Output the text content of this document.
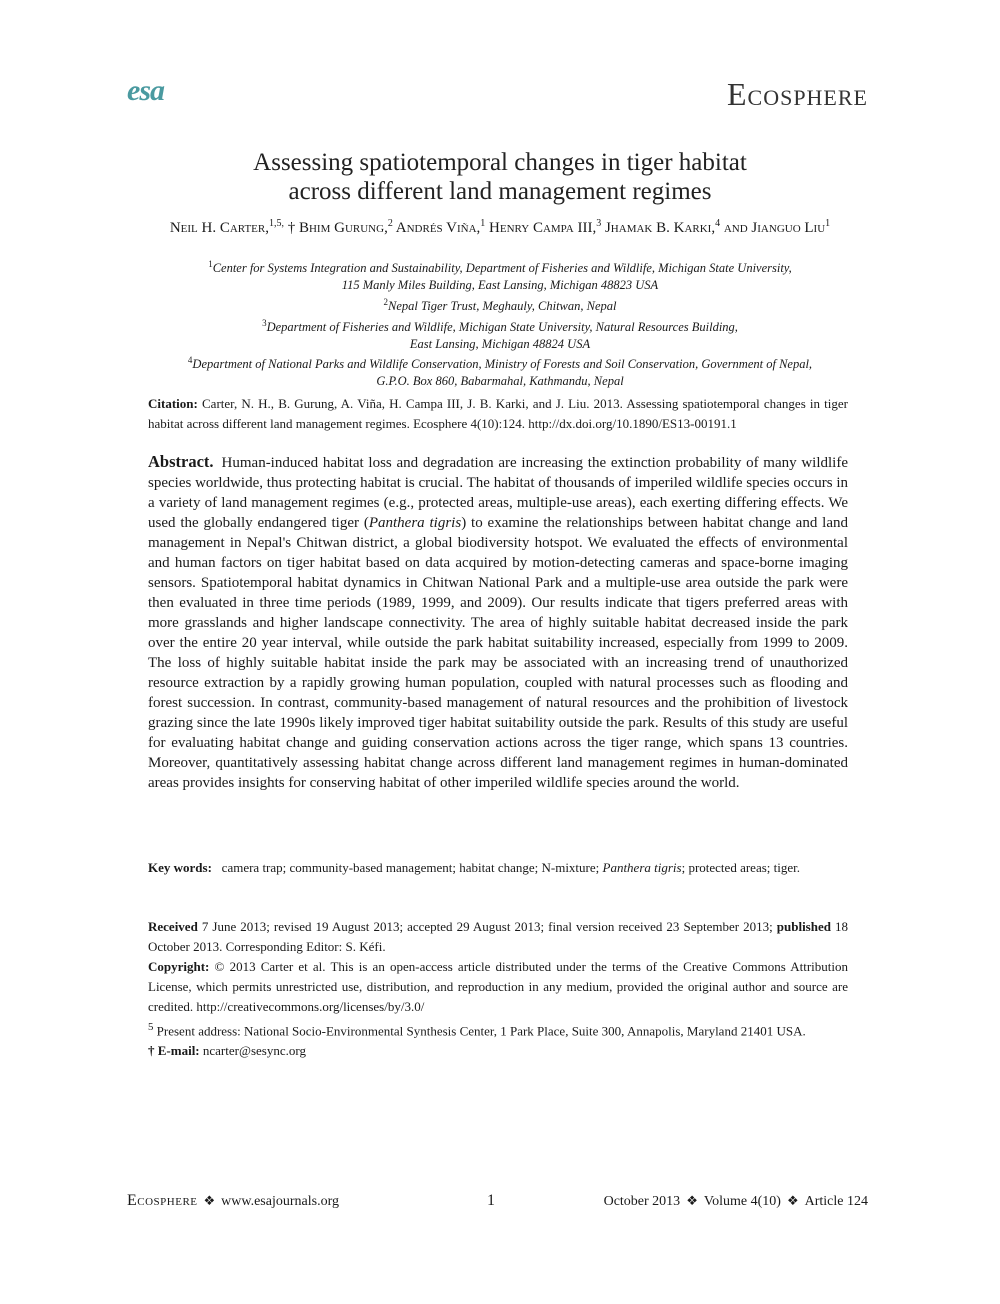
esa	Ecosphere
Assessing spatiotemporal changes in tiger habitat
across different land management regimes
Neil H. Carter,$^{1,5,}$ † Bhim Gurung,$^2$ Andrés Viña,$^1$ Henry Campa III,$^3$ Jhamak B. Karki,$^4$ and Jianguo Liu$^1$
$^1$Center for Systems Integration and Sustainability, Department of Fisheries and Wildlife, Michigan State University,
115 Manly Miles Building, East Lansing, Michigan 48823 USA
$^2$Nepal Tiger Trust, Meghauly, Chitwan, Nepal
$^3$Department of Fisheries and Wildlife, Michigan State University, Natural Resources Building,
East Lansing, Michigan 48824 USA
$^4$Department of National Parks and Wildlife Conservation, Ministry of Forests and Soil Conservation, Government of Nepal,
G.P.O. Box 860, Babarmahal, Kathmandu, Nepal
Citation: Carter, N. H., B. Gurung, A. Viña, H. Campa III, J. B. Karki, and J. Liu. 2013. Assessing spatiotemporal changes in tiger habitat across different land management regimes. Ecosphere 4(10):124. http://dx.doi.org/10.1890/ES13-00191.1
Abstract. Human-induced habitat loss and degradation are increasing the extinction probability of many wildlife species worldwide, thus protecting habitat is crucial. The habitat of thousands of imperiled wildlife species occurs in a variety of land management regimes (e.g., protected areas, multiple-use areas), each exerting differing effects. We used the globally endangered tiger (Panthera tigris) to examine the relationships between habitat change and land management in Nepal's Chitwan district, a global biodiversity hotspot. We evaluated the effects of environmental and human factors on tiger habitat based on data acquired by motion-detecting cameras and space-borne imaging sensors. Spatiotemporal habitat dynamics in Chitwan National Park and a multiple-use area outside the park were then evaluated in three time periods (1989, 1999, and 2009). Our results indicate that tigers preferred areas with more grasslands and higher landscape connectivity. The area of highly suitable habitat decreased inside the park over the entire 20 year interval, while outside the park habitat suitability increased, especially from 1999 to 2009. The loss of highly suitable habitat inside the park may be associated with an increasing trend of unauthorized resource extraction by a rapidly growing human population, coupled with natural processes such as flooding and forest succession. In contrast, community-based management of natural resources and the prohibition of livestock grazing since the late 1990s likely improved tiger habitat suitability outside the park. Results of this study are useful for evaluating habitat change and guiding conservation actions across the tiger range, which spans 13 countries. Moreover, quantitatively assessing habitat change across different land management regimes in human-dominated areas provides insights for conserving habitat of other imperiled wildlife species around the world.
Key words: camera trap; community-based management; habitat change; N-mixture; Panthera tigris; protected areas; tiger.

Received 7 June 2013; revised 19 August 2013; accepted 29 August 2013; final version received 23 September 2013; published 18 October 2013. Corresponding Editor: S. Kéfi.

Copyright: © 2013 Carter et al. This is an open-access article distributed under the terms of the Creative Commons Attribution License, which permits unrestricted use, distribution, and reproduction in any medium, provided the original author and source are credited. http://creativecommons.org/licenses/by/3.0/

$^5$ Present address: National Socio-Environmental Synthesis Center, 1 Park Place, Suite 300, Annapolis, Maryland 21401 USA.

† E-mail: ncarter@sesync.org

Ecosphere ❖ www.esajournals.org	1	October 2013 ❖ Volume 4(10) ❖ Article 124
